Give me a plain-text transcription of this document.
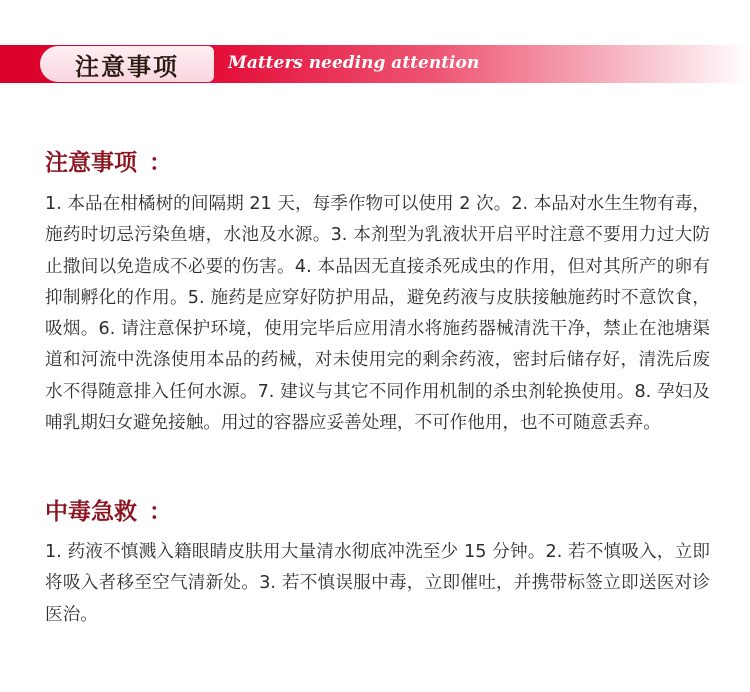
注意事项	Matters needing attention
注意事项 ：

1. 本品在柑橘树的间隔期 21 天，每季作物可以使用 2 次。2. 本品对水生生物有毒，施药时切忌污染鱼塘，水池及水源。3. 本剂型为乳液状开启平时注意不要用力过大防止撒间以免造成不必要的伤害。4. 本品因无直接杀死成虫的作用，但对其所产的卵有抑制孵化的作用。5. 施药是应穿好防护用品，避免药液与皮肤接触施药时不意饮食，吸烟。6. 请注意保护环境，使用完毕后应用清水将施药器械清洗干净，禁止在池塘渠道和河流中洗涤使用本品的药械，对未使用完的剩余药液，密封后储存好，清洗后废水不得随意排入任何水源。7. 建议与其它不同作用机制的杀虫剂轮换使用。8. 孕妇及哺乳期妇女避免接触。用过的容器应妥善处理，不可作他用，也不可随意丢弃。

中毒急救 ：

1. 药液不慎溅入籍眼睛皮肤用大量清水彻底冲洗至少 15 分钟。2. 若不慎吸入，立即将吸入者移至空气清新处。3. 若不慎误服中毒，立即催吐，并携带标签立即送医对诊医治。
